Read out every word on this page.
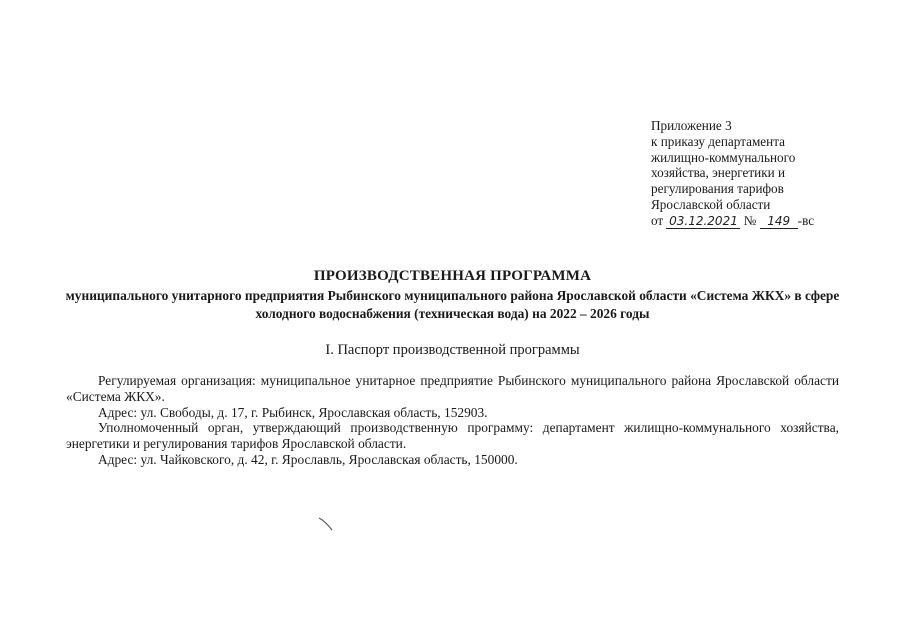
Приложение 3
к приказу департамента
жилищно-коммунального
хозяйства, энергетики и
регулирования тарифов
Ярославской области
от 03.12.2021 № 149 -вс
ПРОИЗВОДСТВЕННАЯ ПРОГРАММА
муниципального унитарного предприятия Рыбинского муниципального района Ярославской области «Система ЖКХ» в сфере холодного водоснабжения (техническая вода) на 2022 – 2026 годы
I. Паспорт производственной программы

Регулируемая организация: муниципальное унитарное предприятие Рыбинского муниципального района Ярославской области «Система ЖКХ».

Адрес: ул. Свободы, д. 17, г. Рыбинск, Ярославская область, 152903.

Уполномоченный орган, утверждающий производственную программу: департамент жилищно-коммунального хозяйства, энергетики и регулирования тарифов Ярославской области.

Адрес: ул. Чайковского, д. 42, г. Ярославль, Ярославская область, 150000.
